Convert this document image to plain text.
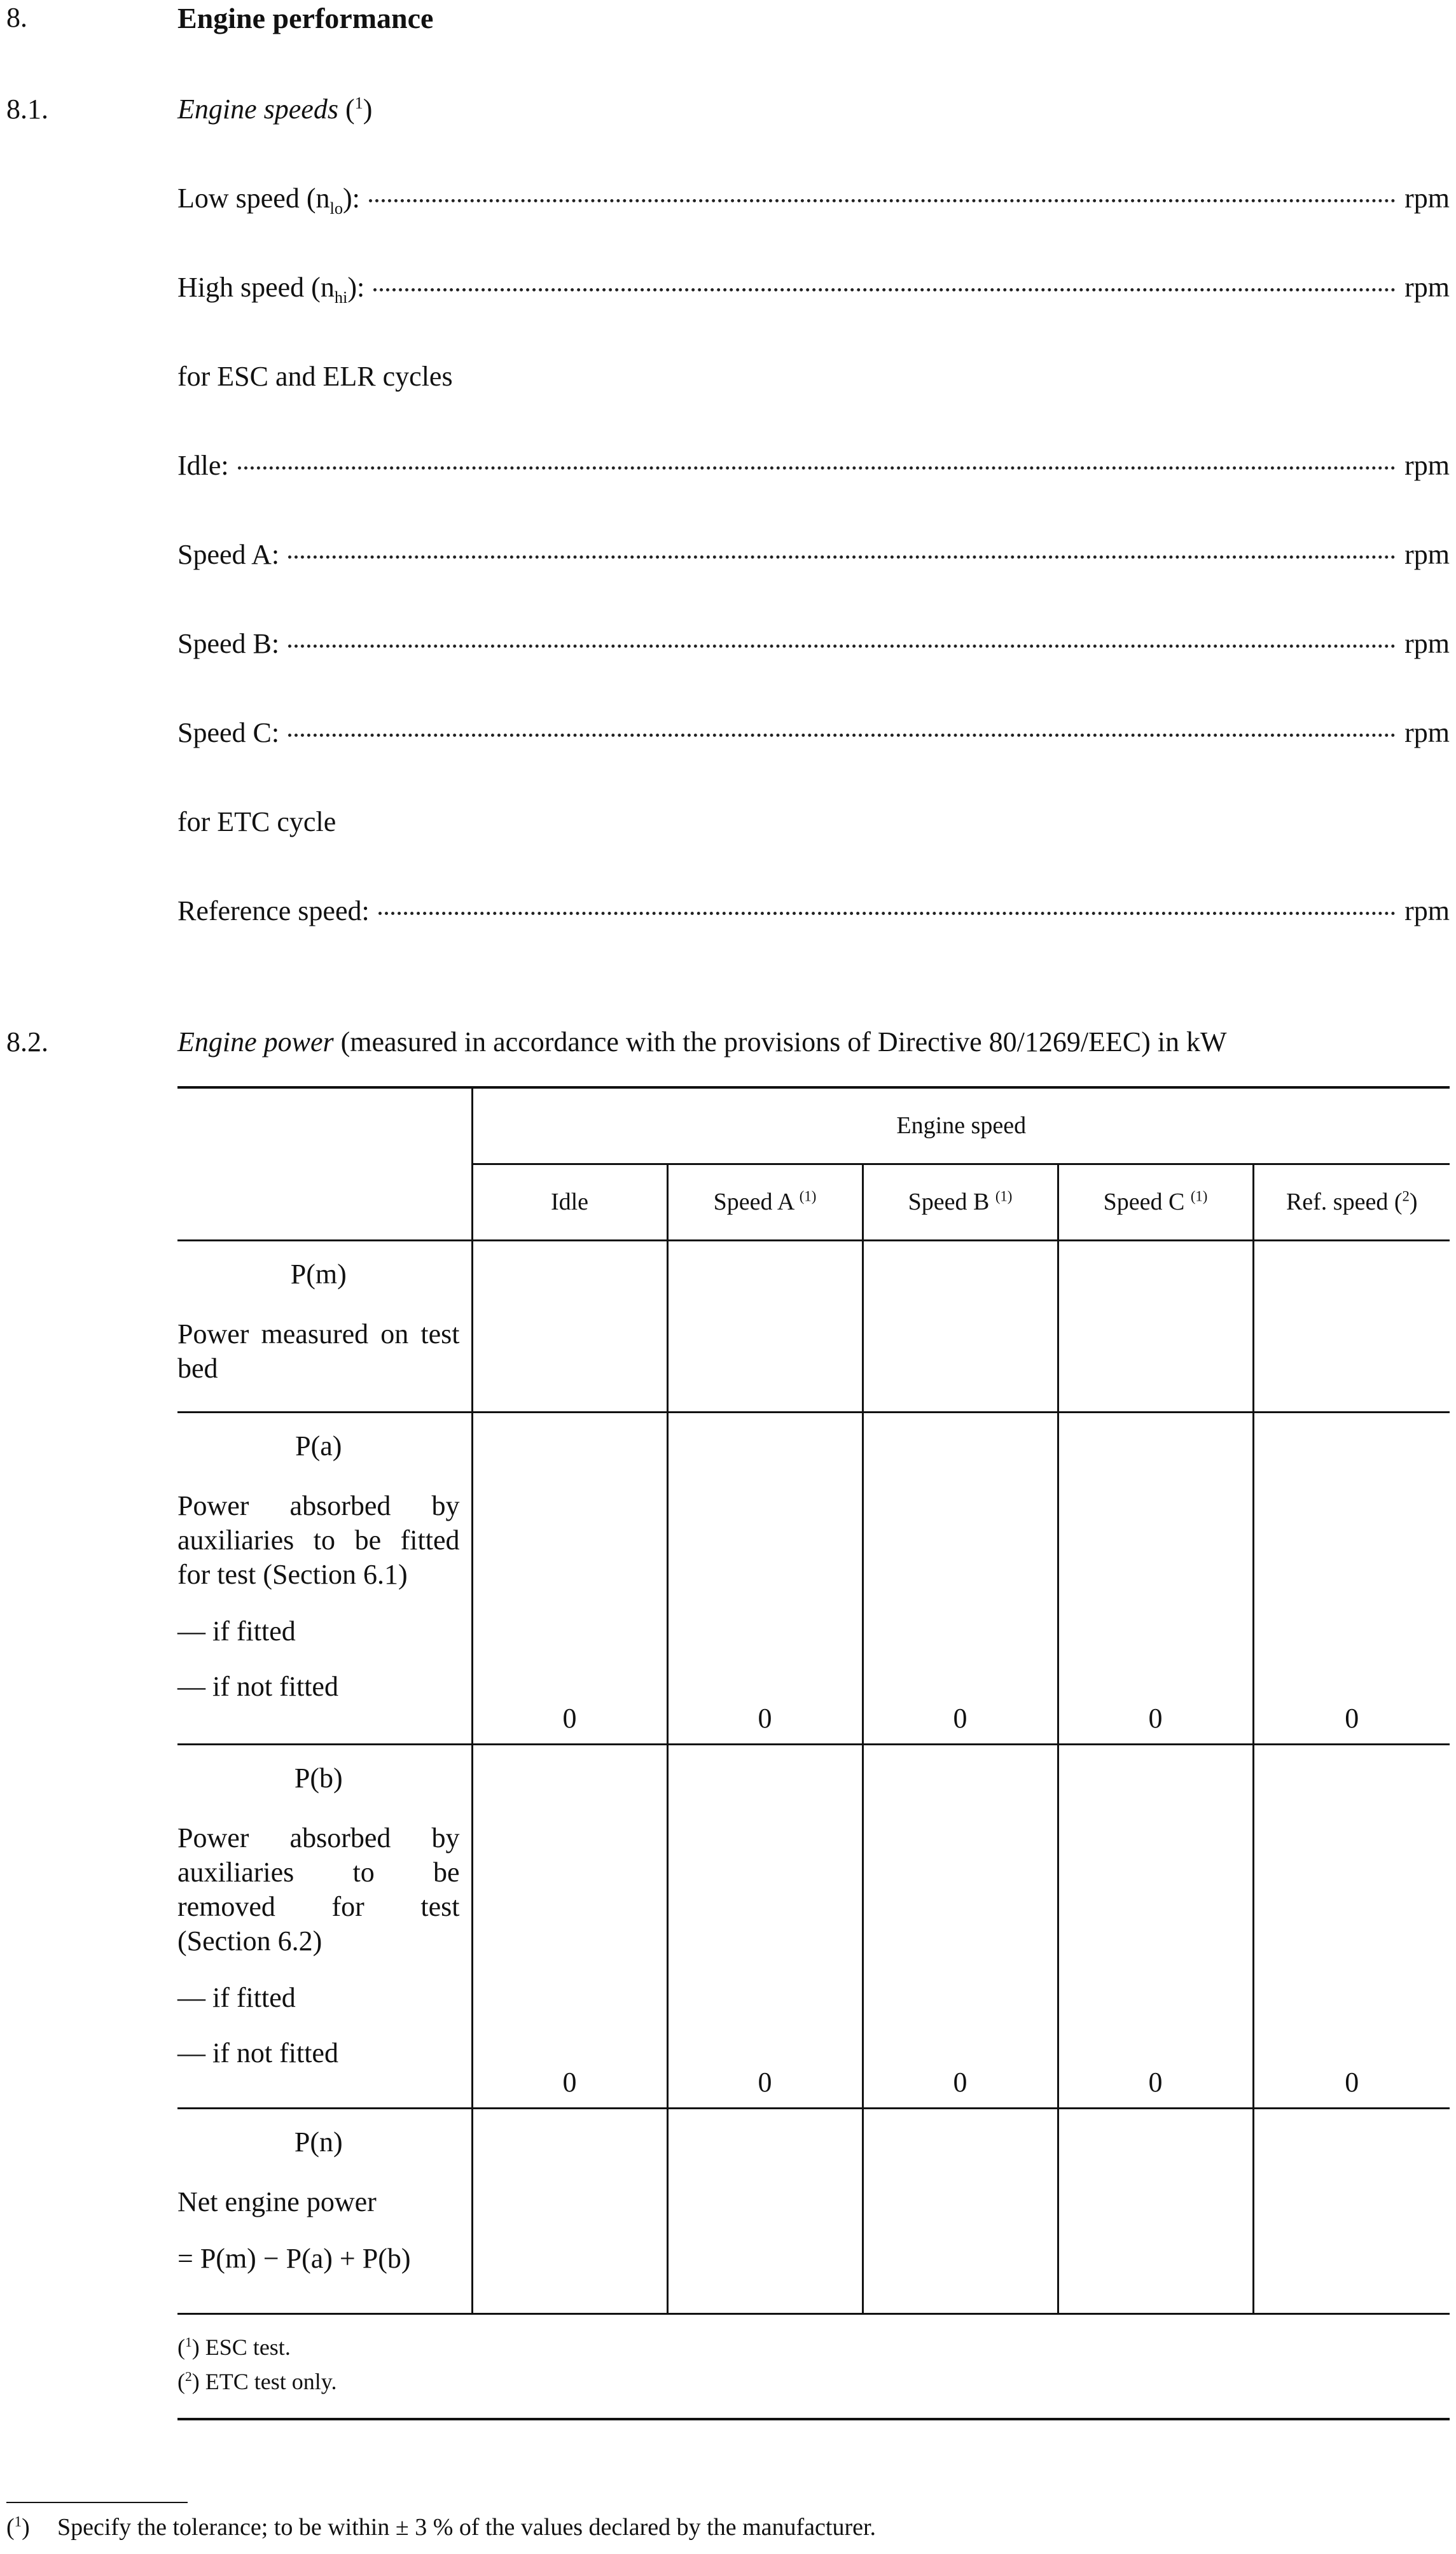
8.	Engine performance
8.1.	Engine speeds ($^1$)
Low speed $(n_{lo})$:	rpm
High speed $(n_{hi})$:	rpm
for ESC and ELR cycles
Idle:	rpm
Speed A:	rpm
Speed B:	rpm
Speed C:	rpm
for ETC cycle
Reference speed:	rpm
8.2.	Engine power (measured in accordance with the provisions of Directive 80/1269/EEC) in kW
	Engine speed				
	Idle	Speed A $^{(1)}$	Speed B $^{(1)}$	Speed C $^{(1)}$	Ref. speed ($^2$)

P(m)
Power measured on test bed					

P(a)
Power absorbed by auxiliaries to be fitted for test (Section 6.1)
— if fitted
— if not fitted	0	0	0	0	0

P(b)
Power absorbed by auxiliaries to be removed for test (Section 6.2)
— if fitted
— if not fitted	0	0	0	0	0

P(n)
Net engine power
= P(m) − P(a) + P(b)					

($^1$) ESC test.
($^2$) ETC test only.
($^1$) Specify the tolerance; to be within ± 3 % of the values declared by the manufacturer.
